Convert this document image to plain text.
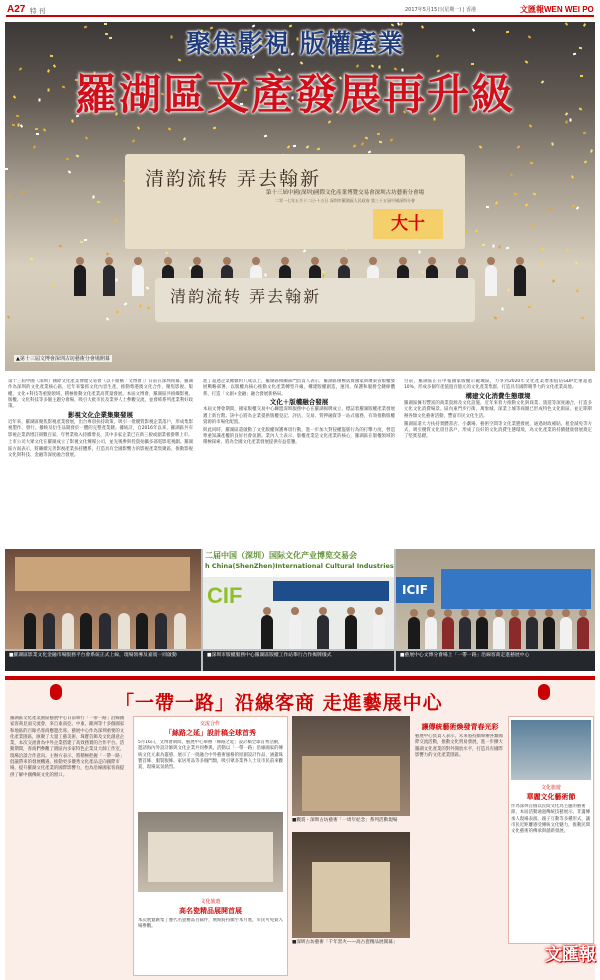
A27 特 刊	2017年5月15日(星期一) | 香港	文匯報WEN WEI PO
清韵流转 弄去翰新
第十三屆中國(深圳)國際文化產業博覽交易會深圳古坊藝術分會場
二零一七年五月十二日-十五日 深圳市羅湖區人民政府 第三十五屆中國深圳分會
大十
清韵流转 弄去翰新
聚焦影視 版權產業
羅湖區文產發展再升級
▲第十三屆文博會深圳古坊藝術分會場開幕

第十三屆中國（深圳）國際文化產業博覽交易會（以下簡稱「文博會」）日前在深圳閉幕，羅湖作為深圳的文化產業核心區，近年來緊抓文化內容生產，推動粵港澳文化合作，聚焦影視、版權、文化+科技等重點領域，積極推動文化產業高質量發展。本屆文博會，羅湖區共組織影視、版權、文化科技等多個主題分會場，吸引大批市民及業界人士參觀交流，並發佈系列產業利好政策。

影視文化企業集聚發展

近年來，羅湖區聚焦影視產業發展，出台專項扶持政策，吸引一批優質影視企業落戶，形成集影視製作、發行、播映及衍生品開發於一體的完整產業鏈。據統計，自2016年以來，羅湖區共有影視企業新增註冊數百家，年營業收入持續增長，其中多家企業已在新三板或創業板掛牌上市。

上市公司大眾文化在羅湖成立了影視文化傳媒公司，並先後參與投資拍攝多部電影電視劇。羅湖區方面表示，將繼續完善影視產業扶持體系，打造具有全國影響力的影視產業集聚區，推動影視文化與科技、金融等深度融合發展。

進了超過企業總數約八成以上，羅湖區相關部門負責人表示，羅湖區積極落實國家與廣東省版權發展戰略部署，以版權為核心推動文化產業轉型升級，構建版權創造、運用、保護和服務全鏈條體系，打造「文創+金融」融合發展新格局。

文化＋版權融合發展

本屆文博會期間，國家版權交易中心聯盟深圳服務中心在羅湖揭牌成立，標誌着羅湖版權產業發展邁上新台階。該中心將為企業提供版權登記、評估、交易、質押融資等一站式服務，有效推動版權資源的市場化配置。

與此同時，羅湖區還啟動了文化版權保護專項行動，進一步加大對侵權盜版行為的打擊力度，營造尊重知識產權的良好社會氛圍。業內人士表示，版權產業是文化產業的核心，羅湖區在版權領域的積極探索，將為全國文化產業發展提供有益借鑒。

目前，羅湖區正在申報國家版權示範城區，力爭到2020年文化產業增加值佔GDP比重超過10%，形成多個年產值過百億元的文化產業集群，打造具有國際競爭力的文化產業高地。

構建文化消費生態環境

羅湖區擁有豐富的商業資源及文化設施，近年來着力推動文化與商業、旅遊等深度融合，打造多元化文化消費場景。區內東門步行街、萬象城、深業上城等商圈已形成特色文化街區，並定期舉辦各類文化藝術活動，豐富市民文化生活。

羅湖區還大力扶持實體書店、小劇場、藝術空間等文化業態發展，通過財政補貼、租金減免等方式，吸引優質文化項目落戶，形成了良好的文化消費生態環境，為文化產業的持續健康發展奠定了堅實基礎。

二届中国（深圳）国际文化产业博览交易会
h China(ShenZhen)International Cultural Industries
CIF	ICIF
■羅湖區影業文化金融市場服務平台會系統正式上線，現場領導及嘉賓一同啟動	■深圳市版權服務中心羅湖區版權工作站舉行合作揭牌儀式	■藝展中心文博分會場上「一帶一路」沿線客商走進藝展中心
「一帶一路」沿線客商 走進藝展中心
羅湖區文化產業園區藝展中心日前舉行「一帶一路」沿線國家客商見面交流會，來自東南亞、中東、歐洲等十多個國家和地區的百餘名客商應邀出席。藝展中心作為深圳重要的文化產業園區，匯聚了大量工藝美術、珠寶首飾及文化創意企業，本次交流會為中外企業搭建了高效務實的合作平台。活動期間，客商們參觀了園區內多家特色企業及大師工作室，現場洽談合作意向。主辦方表示，將積極把握「一帶一路」倡議帶來的發展機遇，推動更多優秀文化產品走向國際市場，提升羅湖文化產業的國際影響力，也為沿線國家客商提供了解中國傳統文化的窗口。
交流合作
「絲路之延」設計稿全球首秀
5月16日，文博會期間，藝展中心舉辦「絲路之延」設計稿全球首秀活動，邀請海內外設計師與文化企業共同參與。活動以「一帶一路」沿線國家的傳統文化元素為靈感，展示了一批融合中外藝術風格的原創設計作品，涵蓋珠寶首飾、服裝服飾、家居用品等多個門類，吸引眾多業界人士及市民前來觀賞，現場氣氛熱烈。
文化旅遊
高名瓷精品展開首展
本次展覽匯集了歷代名瓷精品百餘件，展期將持續至本月底，市民可免費入場參觀。
■觀賞・深圳古坊藝術「一周年紀念」系列活動現場
■深圳古坊藝術「千年窯火——高古瓷精品展開幕」
讓傳統藝術煥發青春光彩
藝展中心負責人表示，未來將持續舉辦各類國際交流活動，推動文化貿易發展，進一步擴大羅湖文化產業的對外開放水平，打造具有國際影響力的文化產業園區。
文化旅遊
華麗文化藝術節
作為深圳首個以民間文化為主題的藝術節，本屆活動通過傳統技藝展示、非遺傳承人現場表演、親子互動等多種形式，讓市民近距離感受傳統文化魅力，推動民間文化藝術的傳承與創新發展。
文匯報
